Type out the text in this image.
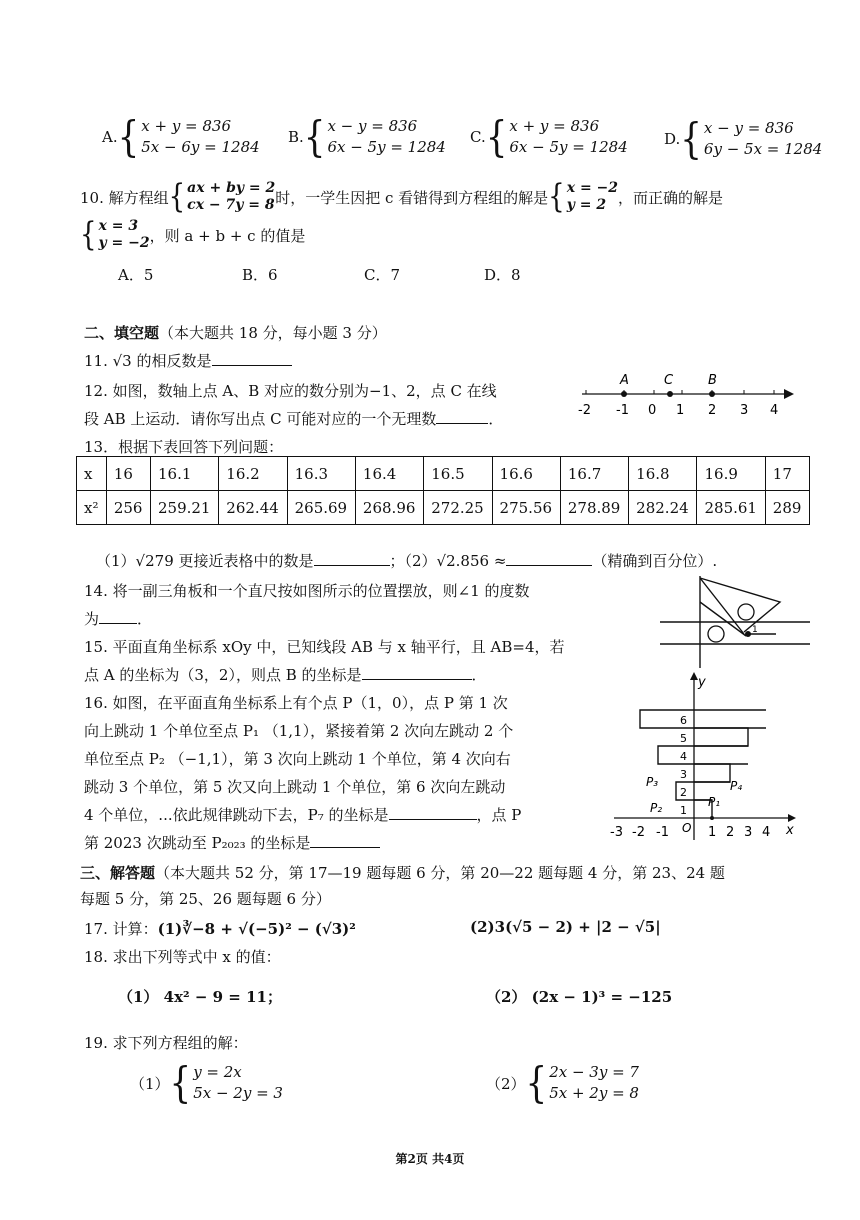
A. { x + y = 836
5x − 6y = 1284
B. { x − y = 836
6x − 5y = 1284
C. { x + y = 836
6x − 5y = 1284 D. { x − y = 836
6y − 5x = 1284
10. 解方程组 { ax + by = 2
cx − 7y = 8 时，一学生因把 c 看错得到方程组的解是 { x = −2
y = 2 ，而正确的解是
{ x = 3
y = −2 ，则 a + b + c 的值是
A．5	B．6	C．7	D．8
二、填空题（本大题共 18 分，每小题 3 分）
11. √3 的相反数是
12. 如图，数轴上点 A、B 对应的数分别为−1、2，点 C 在线
段 AB 上运动．请你写出点 C 可能对应的一个无理数	．
A	C	B
-2 -1 0 1 2 3 4
13．根据下表回答下列问题：
x	16	16.1	16.2	16.3	16.4	16.5	16.6	16.7	16.8	16.9	17
x²	256	259.21	262.44	265.69	268.96	272.25	275.56	278.89	282.24	285.61	289
（1）√279 更接近表格中的数是	；（2）√2.856 ≈	（精确到百分位）.
14. 将一副三角板和一个直尺按如图所示的位置摆放，则∠1 的度数
为	．
1
15. 平面直角坐标系 xOy 中，已知线段 AB 与 x 轴平行，且 AB=4，若
点 A 的坐标为（3，2），则点 B 的坐标是	．
16. 如图，在平面直角坐标系上有个点 P（1，0），点 P 第 1 次
向上跳动 1 个单位至点 P₁ （1,1），紧接着第 2 次向左跳动 2 个
单位至点 P₂ （−1,1），第 3 次向上跳动 1 个单位，第 4 次向右
跳动 3 个单位，第 5 次又向上跳动 1 个单位，第 6 次向左跳动
4 个单位，...依此规律跳动下去，P₇ 的坐标是	，点 P
第 2023 次跳动至 P₂₀₂₃ 的坐标是
y
x
O
1
2
3
4
5
6
-3 -2 -1	1 2 3 4
P₁
P₂
P₃	P₄
三、解答题（本大题共 52 分，第 17—19 题每题 6 分，第 20—22 题每题 4 分，第 23、24 题
每题 5 分，第 25、26 题每题 6 分）
17. 计算：(1)∛−8 + √(−5)² − (√3)²	(2)3(√5 − 2) + |2 − √5|
18. 求出下列等式中 x 的值：
（1） 4x² − 9 = 11；	（2） (2x − 1)³ = −125
19. 求下列方程组的解：
（1） { y = 2x
5x − 2y = 3
（2） { 2x − 3y = 7
5x + 2y = 8
第2页 共4页
